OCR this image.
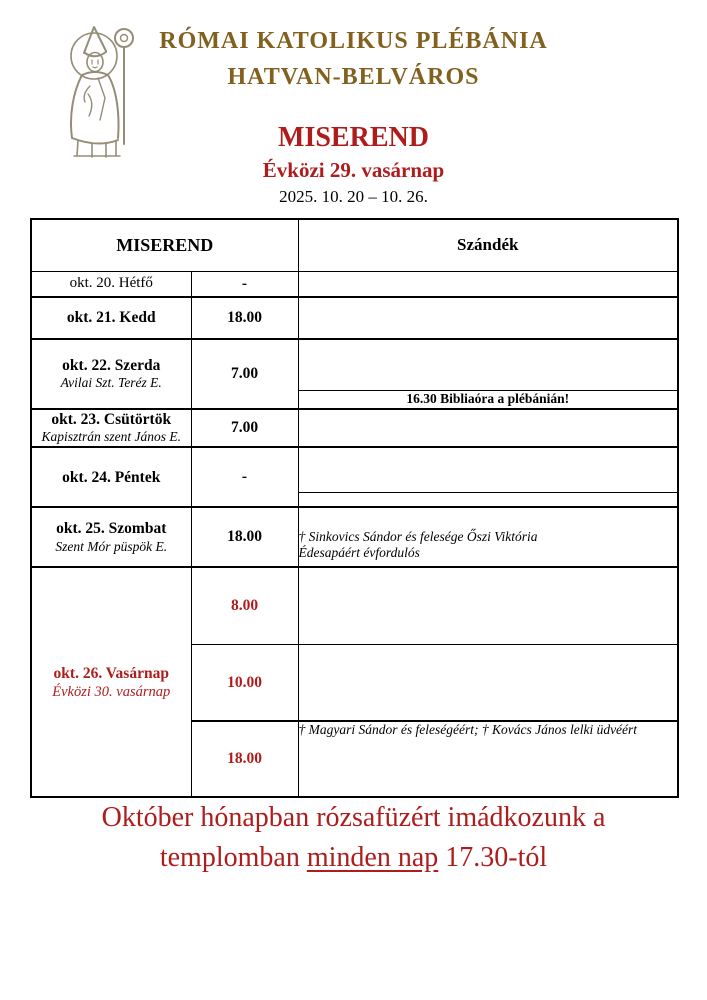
RÓMAI KATOLIKUS PLÉBÁNIA
HATVAN-BELVÁROS
MISEREND
Évközi 29. vasárnap
2025. 10. 20 – 10. 26.
MISEREND		Szándék
okt. 20. Hétfő	-	
okt. 21. Kedd	18.00	

okt. 22. Szerda
Avilai Szt. Teréz E.	7.00	
		16.30 Bibliaóra a plébánián!

okt. 23. Csütörtök
Kapisztrán szent János E.	7.00	
okt. 24. Péntek	-	

okt. 25. Szombat
Szent Mór püspök E.
	18.00	† Sinkovics Sándor és felesége Őszi Viktória
Édesapáért évfordulós

okt. 26. Vasárnap
Évközi 30. vasárnap	8.00	
	10.00	
	18.00	† Magyari Sándor és feleségéért; † Kovács János lelki üdvéért
Október hónapban rózsafüzért imádkozunk a
templomban minden nap 17.30-tól
